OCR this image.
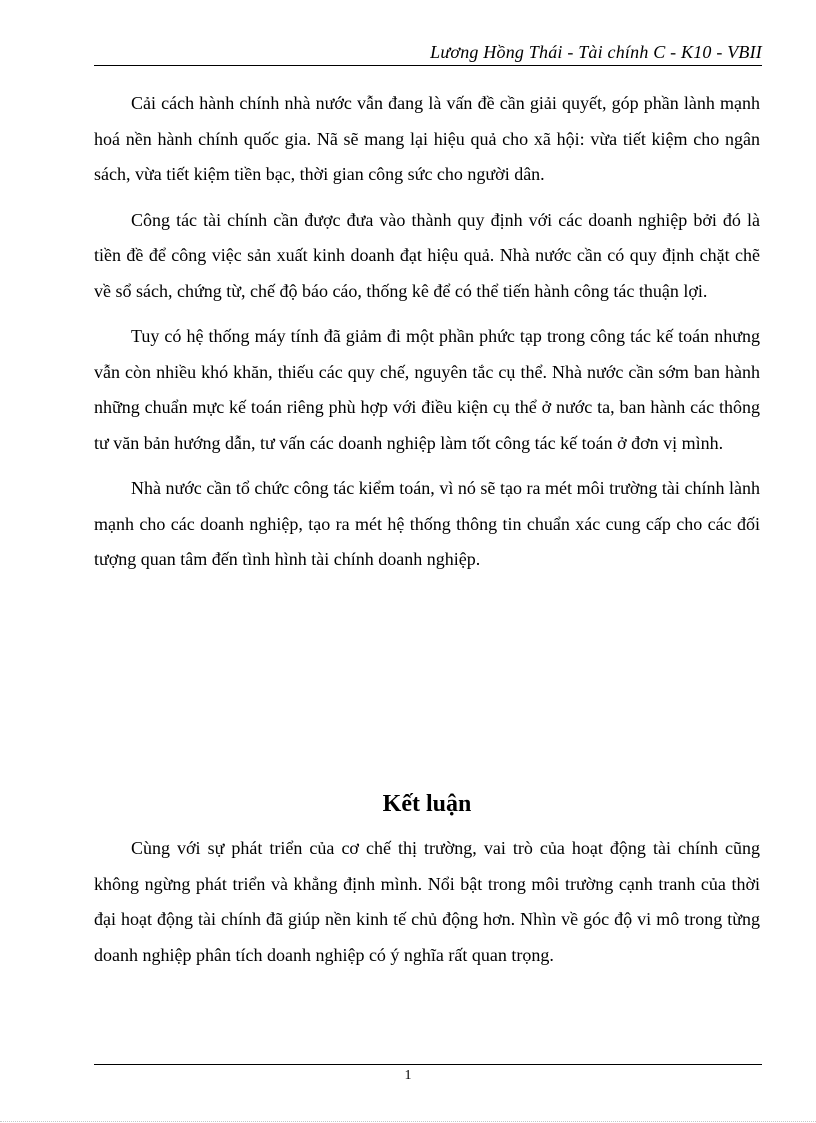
Lương Hồng Thái - Tài chính C - K10 - VBII

Cải cách hành chính nhà nước vẫn đang là vấn đề cần giải quyết, góp phần lành mạnh hoá nền hành chính quốc gia. Nã sẽ mang lại hiệu quả cho xã hội: vừa tiết kiệm cho ngân sách, vừa tiết kiệm tiền bạc, thời gian công sức cho người dân.

Công tác tài chính cần được đưa vào thành quy định với các doanh nghiệp bởi đó là tiền đề để công việc sản xuất kinh doanh đạt hiệu quả. Nhà nước cần có quy định chặt chẽ về sổ sách, chứng từ, chế độ báo cáo, thống kê để có thể tiến hành công tác thuận lợi.

Tuy có hệ thống máy tính đã giảm đi một phần phức tạp trong công tác kế toán nhưng vẫn còn nhiều khó khăn, thiếu các quy chế, nguyên tắc cụ thể. Nhà nước cần sớm ban hành những chuẩn mực kế toán riêng phù hợp với điều kiện cụ thể ở nước ta, ban hành các thông tư văn bản hướng dẫn, tư vấn các doanh nghiệp làm tốt công tác kế toán ở đơn vị mình.

Nhà nước cần tổ chức công tác kiểm toán, vì nó sẽ tạo ra mét môi trường tài chính lành mạnh cho các doanh nghiệp, tạo ra mét hệ thống thông tin chuẩn xác cung cấp cho các đối tượng quan tâm đến tình hình tài chính doanh nghiệp.

Kết luận

Cùng với sự phát triển của cơ chế thị trường, vai trò của hoạt động tài chính cũng không ngừng phát triển và khẳng định mình. Nổi bật trong môi trường cạnh tranh của thời đại hoạt động tài chính đã giúp nền kinh tế chủ động hơn. Nhìn về góc độ vi mô trong từng doanh nghiệp phân tích doanh nghiệp có ý nghĩa rất quan trọng.

1
